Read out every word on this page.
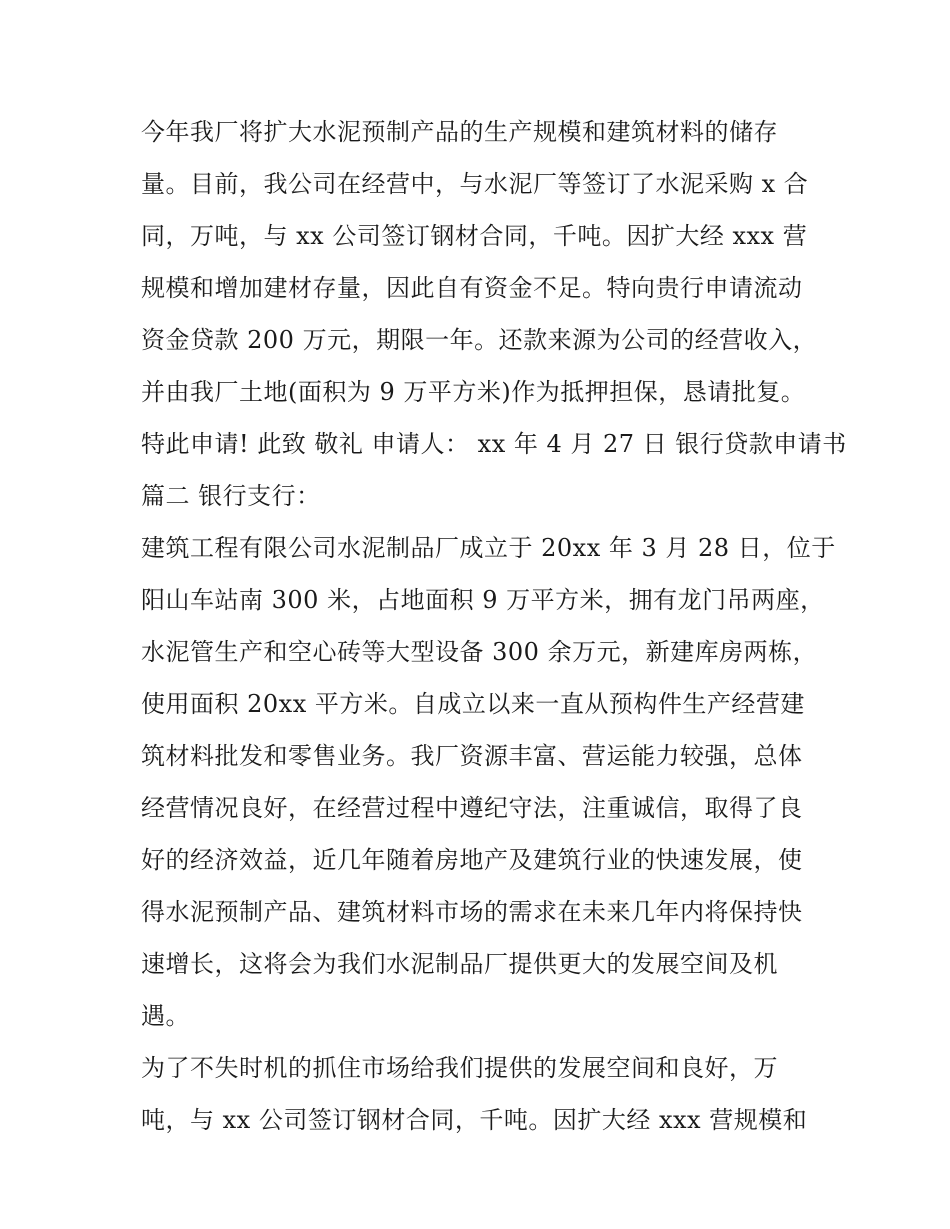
今年我厂将扩大水泥预制产品的生产规模和建筑材料的储存
量。目前，我公司在经营中，与水泥厂等签订了水泥采购 x 合
同，万吨，与 xx 公司签订钢材合同，千吨。因扩大经 xxx 营
规模和增加建材存量，因此自有资金不足。特向贵行申请流动
资金贷款 200 万元，期限一年。还款来源为公司的经营收入，
并由我厂土地(面积为 9 万平方米)作为抵押担保，恳请批复。
特此申请! 此致 敬礼 申请人： xx 年 4 月 27 日 银行贷款申请书
篇二 银行支行：
建筑工程有限公司水泥制品厂成立于 20xx 年 3 月 28 日，位于
阳山车站南 300 米，占地面积 9 万平方米，拥有龙门吊两座，
水泥管生产和空心砖等大型设备 300 余万元，新建库房两栋，
使用面积 20xx 平方米。自成立以来一直从预构件生产经营建
筑材料批发和零售业务。我厂资源丰富、营运能力较强，总体
经营情况良好，在经营过程中遵纪守法，注重诚信，取得了良
好的经济效益，近几年随着房地产及建筑行业的快速发展，使
得水泥预制产品、建筑材料市场的需求在未来几年内将保持快
速增长，这将会为我们水泥制品厂提供更大的发展空间及机
遇。
为了不失时机的抓住市场给我们提供的发展空间和良好，万
吨，与 xx 公司签订钢材合同，千吨。因扩大经 xxx 营规模和
